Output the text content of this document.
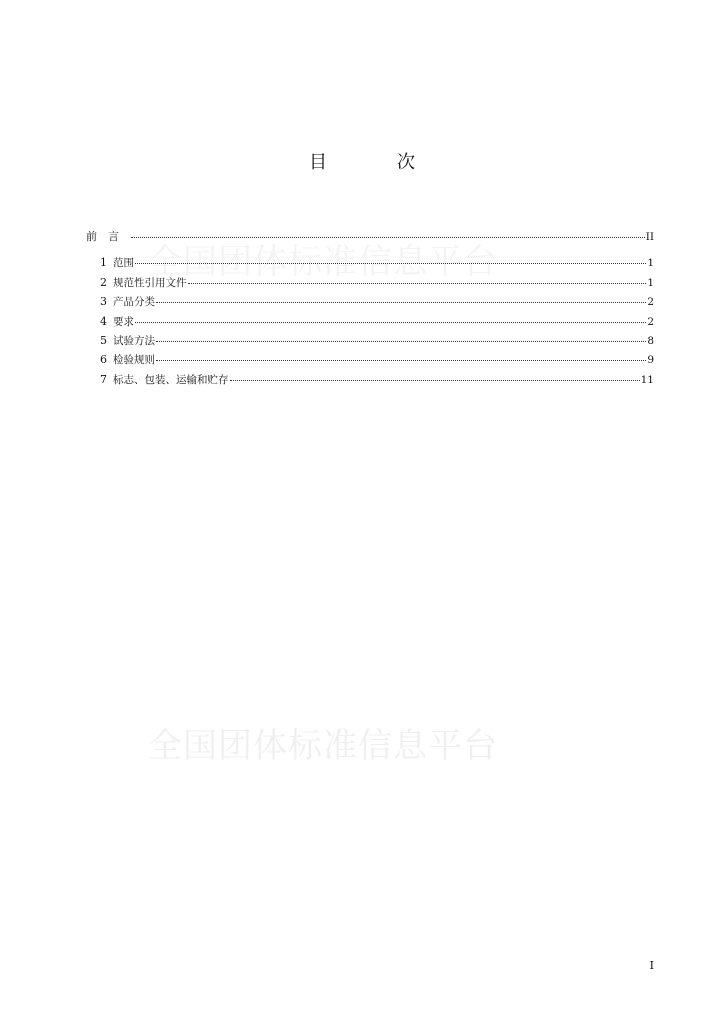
全国团体标准信息平台
全国团体标准信息平台
目　次
前言	II
1 范围	1
2 规范性引用文件	1
3 产品分类	2
4 要求	2
5 试验方法	8
6 检验规则	9
7 标志、包装、运输和贮存	11
I
